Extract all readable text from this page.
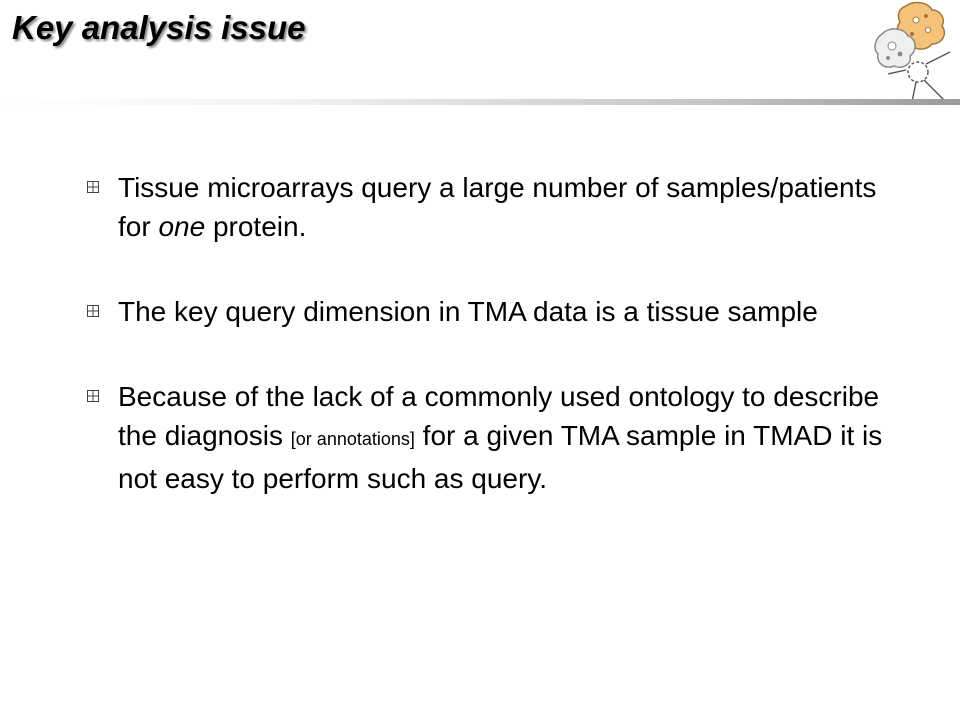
Key analysis issue
Tissue microarrays query a large number of samples/patients for one protein.
The key query dimension in TMA data is a tissue sample
Because of the lack of a commonly used ontology to describe the diagnosis [or annotations] for a given TMA sample in TMAD it is not easy to perform such as query.
